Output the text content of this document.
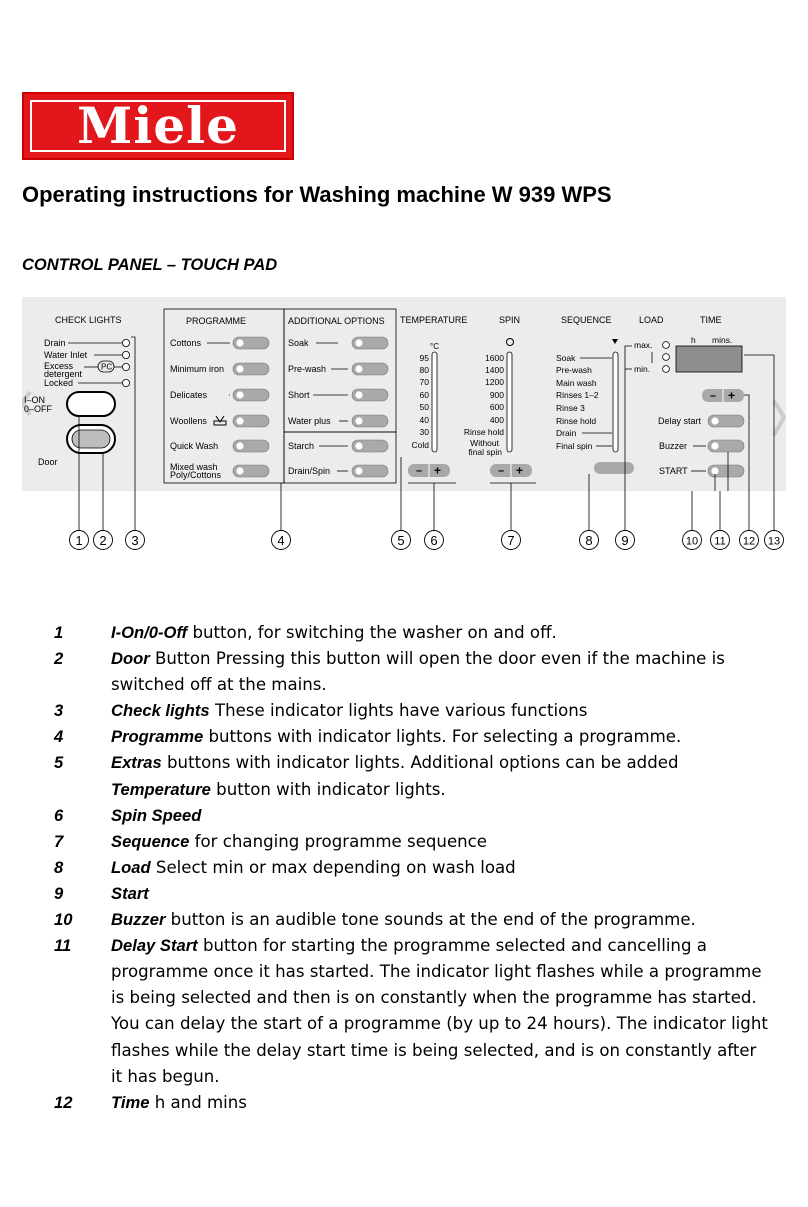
Miele
Operating instructions for Washing machine W 939 WPS
CONTROL PANEL – TOUCH PAD
CHECK LIGHTS
Drain
Water Inlet
Excess
detergent
Locked
PC
I–ON
0–OFF
Door
PROGRAMME
Cottons
Minimum iron
Delicates
Woollens
Quick Wash
Mixed wash
Poly/Cottons
ADDITIONAL OPTIONS
Soak
Pre-wash
Short
Water plus
Starch
Drain/Spin
TEMPERATURE
°C
95
80
70
60
50
40
30
Cold
– +
SPIN
1600
1400
1200
900
600
400
Rinse hold
Without
final spin
– +
SEQUENCE
Soak
Pre-wash
Main wash
Rinses 1–2
Rinse 3
Rinse hold
Drain
Final spin
LOAD
max.
min.
TIME
h mins.
– +
Delay start
Buzzer
START
1 2 3	4	5 6	7	8 9	10 11 12 13
1	I-On/0-Off button, for switching the washer on and off.
2	Door Button Pressing this button will open the door even if the machine is switched off at the mains.
3	Check lights These indicator lights have various functions
4	Programme buttons with indicator lights. For selecting a programme.
5	Extras buttons with indicator lights. Additional options can be added
Temperature button with indicator lights.
6	Spin Speed
7	Sequence for changing programme sequence
8	Load Select min or max depending on wash load
9	Start
10 Buzzer button is an audible tone sounds at the end of the programme.
11 Delay Start button for starting the programme selected and cancelling a programme once it has started. The indicator light flashes while a programme is being selected and then is on constantly when the programme has started. You can delay the start of a programme (by up to 24 hours). The indicator light flashes while the delay start time is being selected, and is on constantly after it has begun.
12 Time h and mins
